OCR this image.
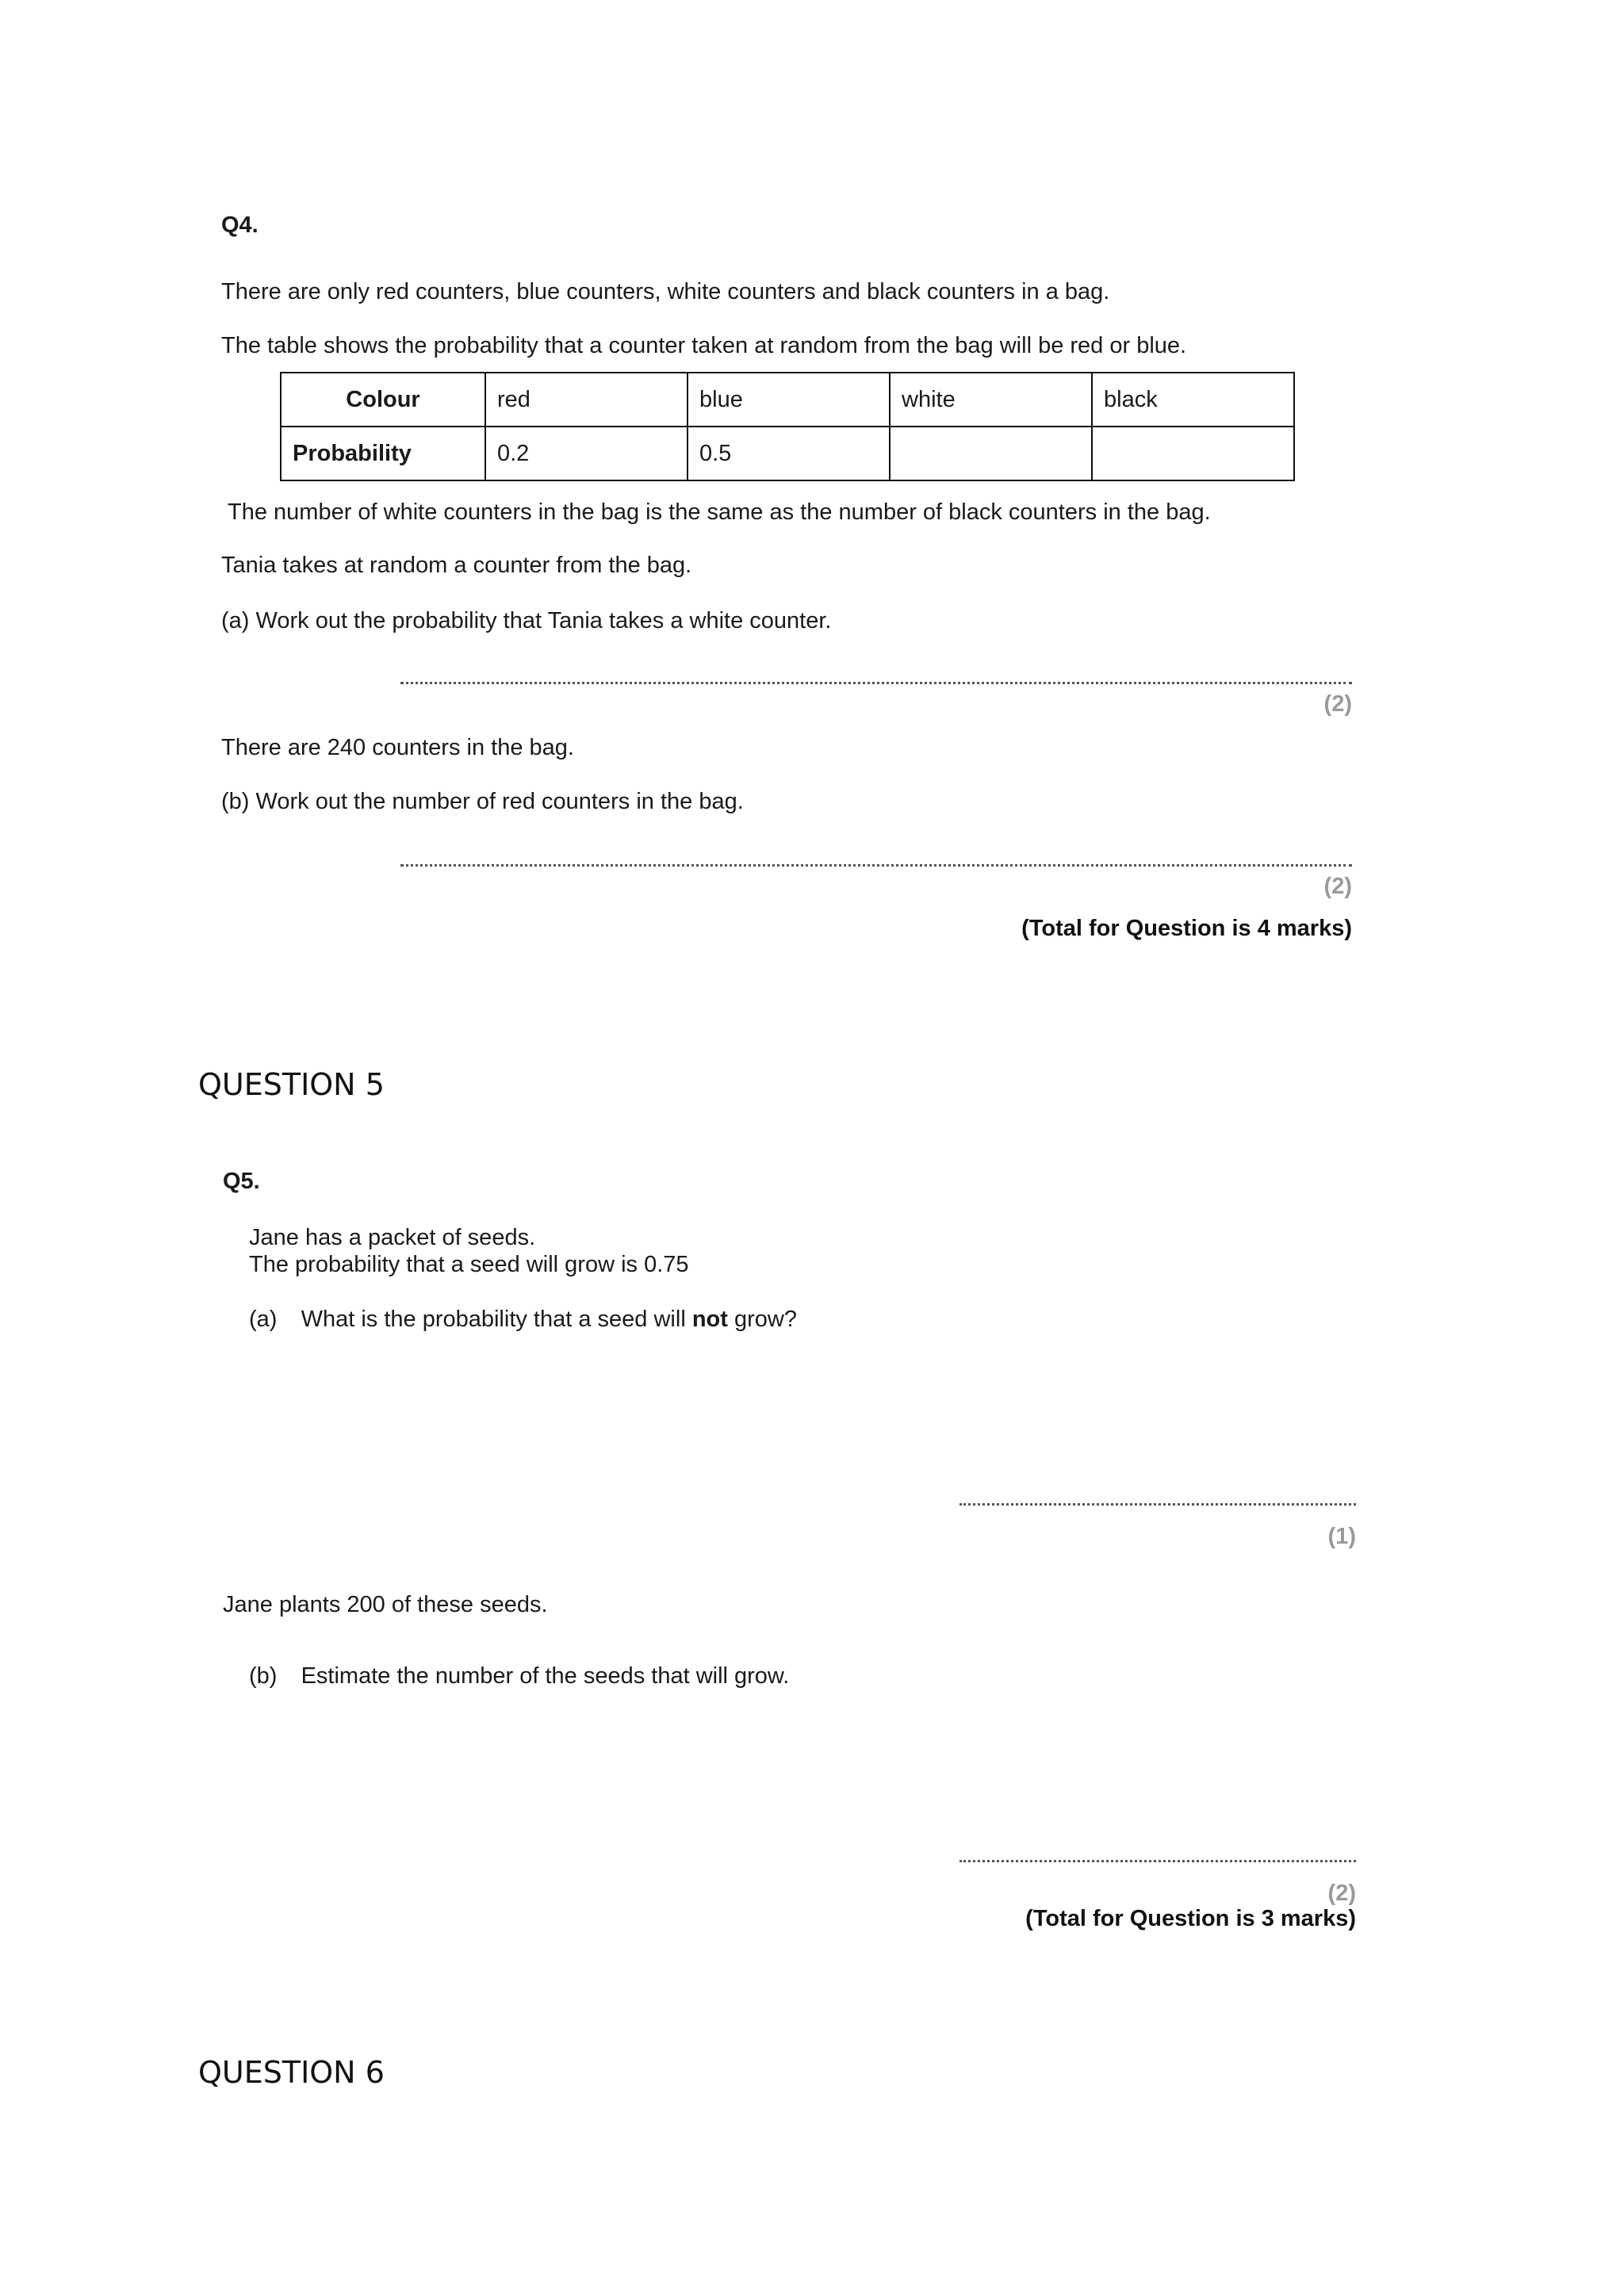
Q4.
There are only red counters, blue counters, white counters and black counters in a bag.
The table shows the probability that a counter taken at random from the bag will be red or blue.
Colour	red	blue	white	black
Probability	0.2	0.5		
The number of white counters in the bag is the same as the number of black counters in the bag.
Tania takes at random a counter from the bag.
(a) Work out the probability that Tania takes a white counter.
(2)
There are 240 counters in the bag.
(b) Work out the number of red counters in the bag.
(2)
(Total for Question is 4 marks)
QUESTION 5
Q5.
Jane has a packet of seeds.
The probability that a seed will grow is 0.75
(a) What is the probability that a seed will not grow?
(1)
Jane plants 200 of these seeds.
(b) Estimate the number of the seeds that will grow.
(2)
(Total for Question is 3 marks)
QUESTION 6
